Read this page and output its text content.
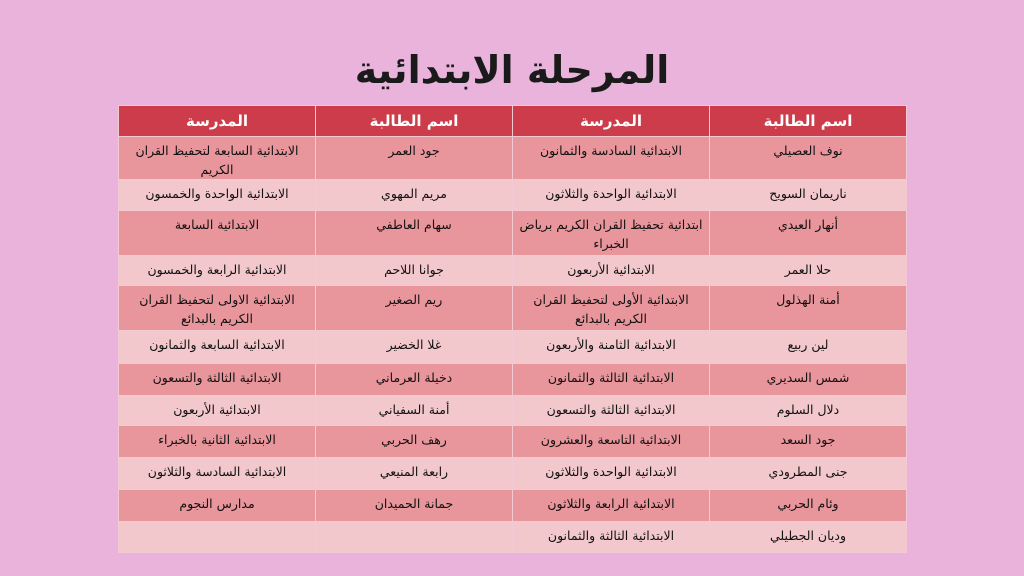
المرحلة الابتدائية
اسم الطالبة	المدرسة	اسم الطالبة	المدرسة
نوف العصيلي	الابتدائية السادسة والثمانون	جود العمر	الابتدائية السابعة لتحفيظ القران الكريم
ناريمان السويح	الابتدائية الواحدة والثلاثون	مريم المهوي	الابتدائية الواحدة والخمسون
أنهار العيدي	ابتدائية تحفيظ القران الكريم برياض الخبراء	سهام العاطفي	الابتدائية السابعة
حلا العمر	الابتدائية الأربعون	جوانا اللاحم	الابتدائية الرابعة والخمسون
أمنة الهذلول	الابتدائية الأولى لتحفيظ القران الكريم بالبدائع	ريم الصغير	الابتدائية الاولى لتحفيظ القران الكريم بالبدائع
لين ربيع	الابتدائية الثامنة والأربعون	غلا الخضير	الابتدائية السابعة والثمانون
شمس السديري	الابتدائية الثالثة والثمانون	دخيلة العرماني	الابتدائية الثالثة والتسعون
دلال السلوم	الابتدائية الثالثة والتسعون	أمنة السفياني	الابتدائية الأربعون
جود السعد	الابتدائية التاسعة والعشرون	رهف الحربي	الابتدائية الثانية بالخبراء
جنى المطرودي	الابتدائية الواحدة والثلاثون	رابعة المنيعي	الابتدائية السادسة والثلاثون
وئام الحربي	الابتدائية الرابعة والثلاثون	جمانة الحميدان	مدارس النجوم
وديان الجطيلي	الابتدائية الثالثة والثمانون		
